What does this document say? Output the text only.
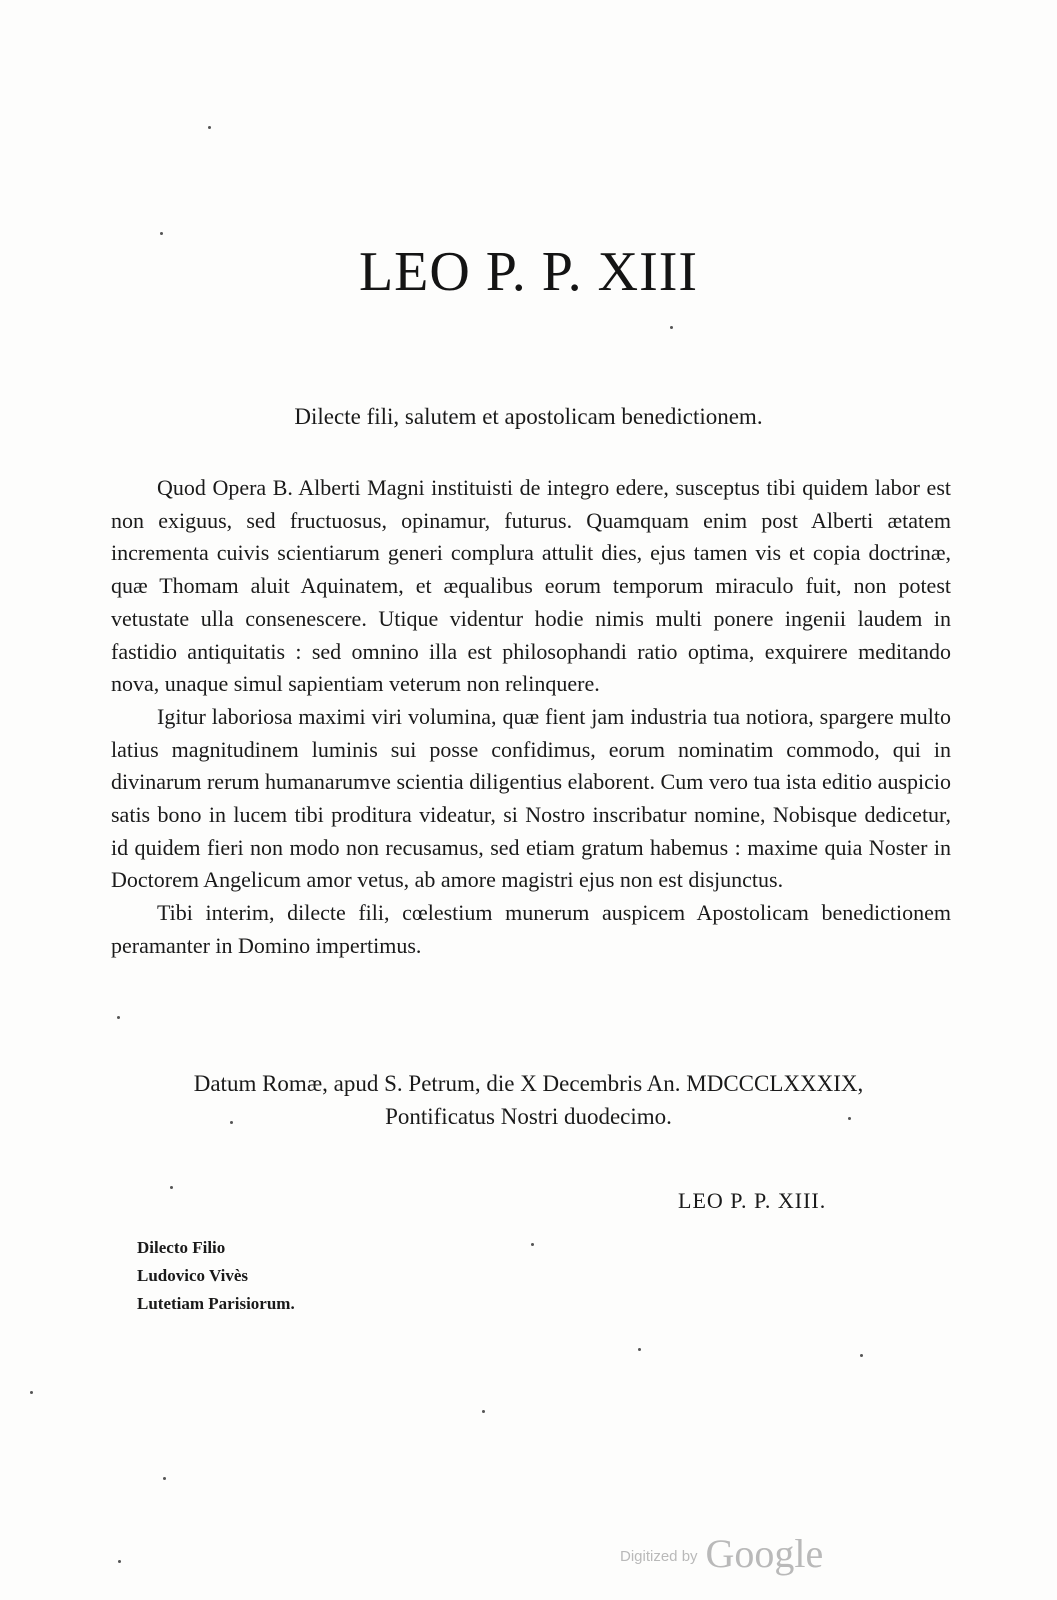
LEO P. P. XIII
Dilecte fili, salutem et apostolicam benedictionem.

Quod Opera B. Alberti Magni instituisti de integro edere, susceptus tibi quidem labor est non exiguus, sed fructuosus, opinamur, futurus. Quamquam enim post Alberti ætatem incrementa cuivis scientiarum generi complura attulit dies, ejus tamen vis et copia doctrinæ, quæ Thomam aluit Aquinatem, et æqualibus eorum temporum miraculo fuit, non potest vetustate ulla consenescere. Utique videntur hodie nimis multi ponere ingenii laudem in fastidio antiquitatis : sed omnino illa est philosophandi ratio optima, exquirere meditando nova, unaque simul sapientiam veterum non relinquere.

Igitur laboriosa maximi viri volumina, quæ fient jam industria tua notiora, spargere multo latius magnitudinem luminis sui posse confidimus, eorum nominatim commodo, qui in divinarum rerum humanarumve scientia diligentius elaborent. Cum vero tua ista editio auspicio satis bono in lucem tibi proditura videatur, si Nostro inscribatur nomine, Nobisque dedicetur, id quidem fieri non modo non recusamus, sed etiam gratum habemus : maxime quia Noster in Doctorem Angelicum amor vetus, ab amore magistri ejus non est disjunctus.

Tibi interim, dilecte fili, cœlestium munerum auspicem Apostolicam benedictionem peramanter in Domino impertimus.

Datum Romæ, apud S. Petrum, die X Decembris An. MDCCCLXXXIX,
Pontificatus Nostri duodecimo.
LEO P. P. XIII.
Dilecto Filio
Ludovico Vivès
Lutetiam Parisiorum.
Digitized by Google
